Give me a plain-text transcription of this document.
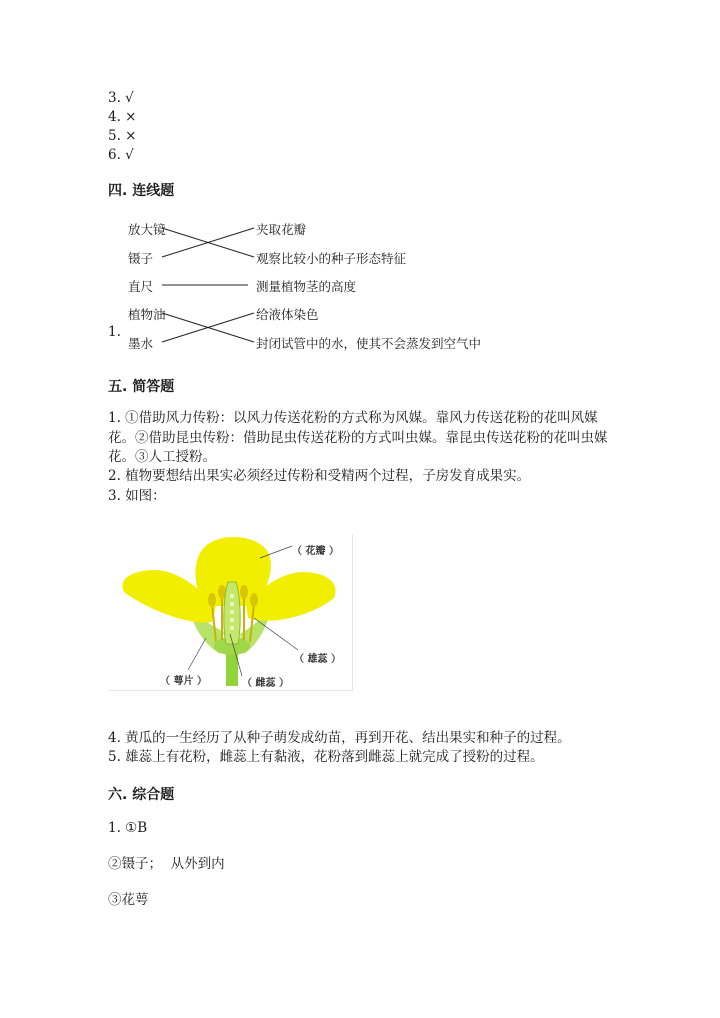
3. √
4. ×
5. ×
6. √
四. 连线题
1.
放大镜
镊子
直尺
植物油
墨水
夹取花瓣
观察比较小的种子形态特征
测量植物茎的高度
给液体染色
封闭试管中的水，使其不会蒸发到空气中
五. 简答题
1. ①借助风力传粉：以风力传送花粉的方式称为风媒。靠风力传送花粉的花叫风媒花。②借助昆虫传粉：借助昆虫传送花粉的方式叫虫媒。靠昆虫传送花粉的花叫虫媒花。③人工授粉。
2. 植物要想结出果实必须经过传粉和受精两个过程，子房发育成果实。
3. 如图：
（ 花瓣 ）
（ 雄蕊 ）
（ 萼片 ）	（ 雌蕊 ）
4. 黄瓜的一生经历了从种子萌发成幼苗，再到开花、结出果实和种子的过程。
5. 雄蕊上有花粉，雌蕊上有黏液，花粉落到雌蕊上就完成了授粉的过程。
六. 综合题
1. ①B
②镊子；  从外到内
③花萼
